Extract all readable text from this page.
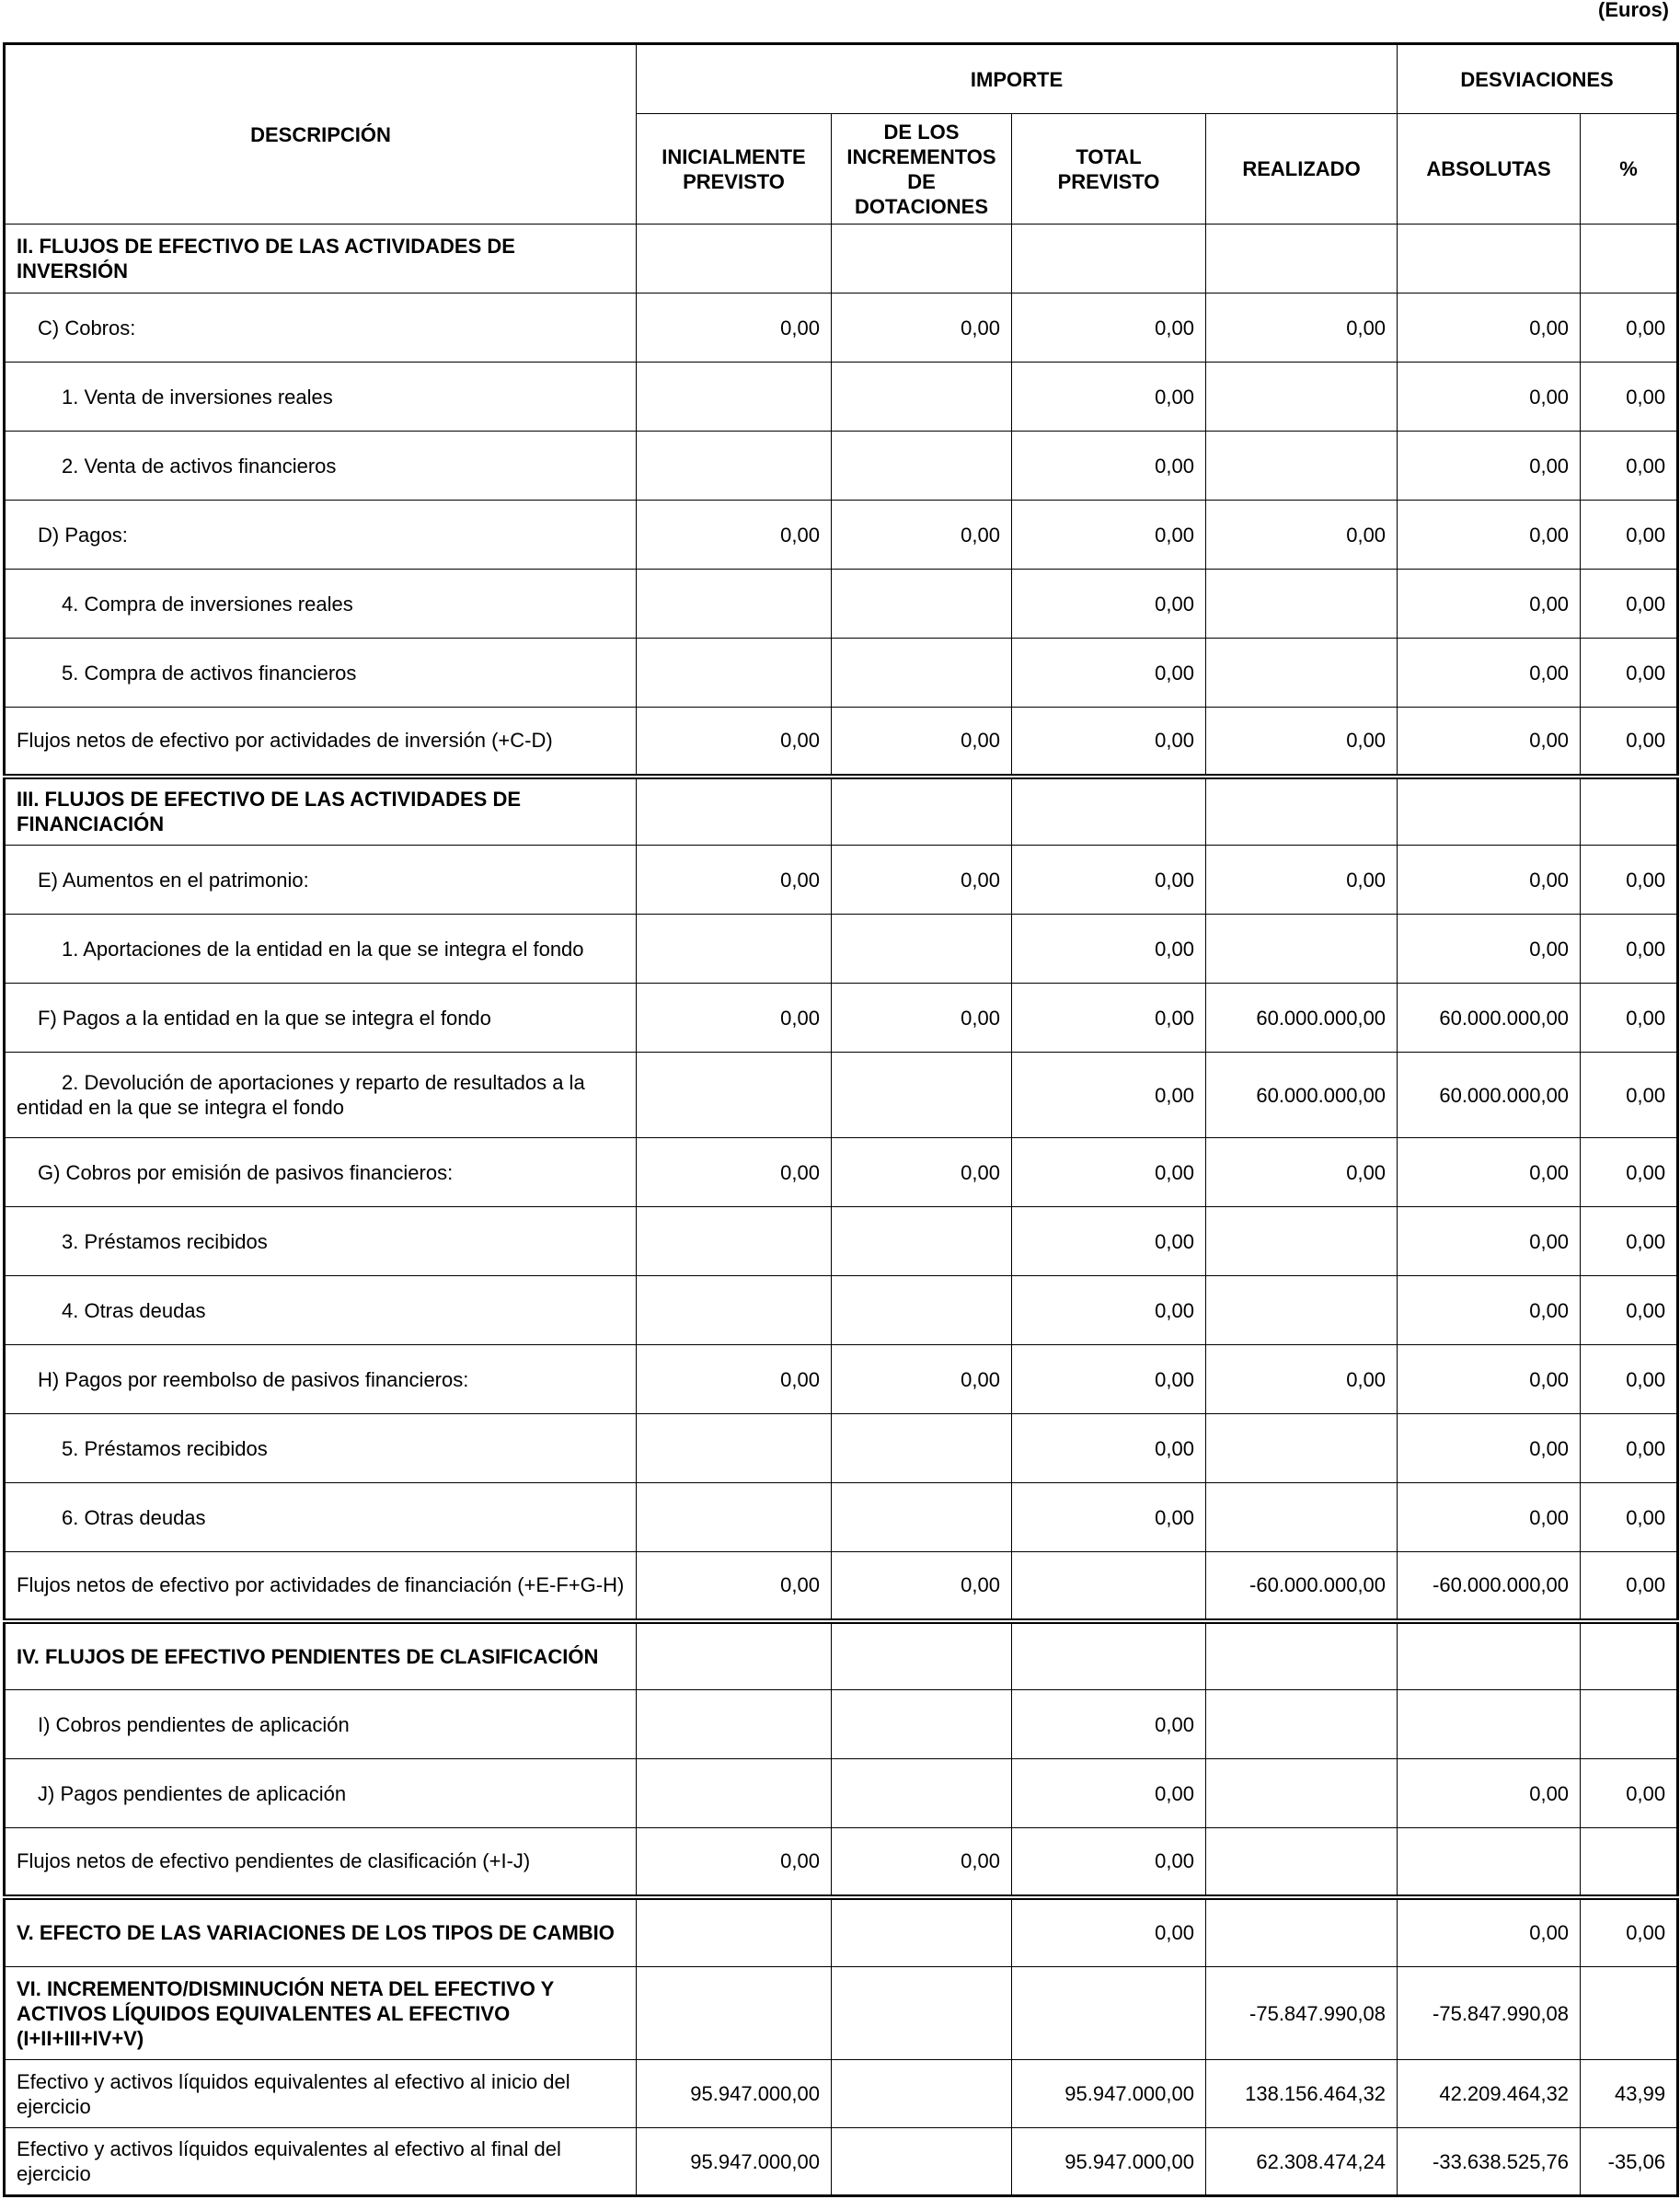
(Euros)
DESCRIPCIÓN	IMPORTE				DESVIACIONES	
	INICIALMENTE PREVISTO	DE LOS INCREMENTOS DE DOTACIONES	TOTAL PREVISTO	REALIZADO	ABSOLUTAS	%
II. FLUJOS DE EFECTIVO DE LAS ACTIVIDADES DE INVERSIÓN						
C) Cobros:	0,00	0,00	0,00	0,00	0,00	0,00
1. Venta de inversiones reales			0,00		0,00	0,00
2. Venta de activos financieros			0,00		0,00	0,00
D) Pagos:	0,00	0,00	0,00	0,00	0,00	0,00
4. Compra de inversiones reales			0,00		0,00	0,00
5. Compra de activos financieros			0,00		0,00	0,00
Flujos netos de efectivo por actividades de inversión (+C-D)	0,00	0,00	0,00	0,00	0,00	0,00
III. FLUJOS DE EFECTIVO DE LAS ACTIVIDADES DE FINANCIACIÓN						
E) Aumentos en el patrimonio:	0,00	0,00	0,00	0,00	0,00	0,00
1. Aportaciones de la entidad en la que se integra el fondo			0,00		0,00	0,00
F) Pagos a la entidad en la que se integra el fondo	0,00	0,00	0,00	60.000.000,00	60.000.000,00	0,00
2. Devolución de aportaciones y reparto de resultados a la entidad en la que se integra el fondo			0,00	60.000.000,00	60.000.000,00	0,00
G) Cobros por emisión de pasivos financieros:	0,00	0,00	0,00	0,00	0,00	0,00
3. Préstamos recibidos			0,00		0,00	0,00
4. Otras deudas			0,00		0,00	0,00
H) Pagos por reembolso de pasivos financieros:	0,00	0,00	0,00	0,00	0,00	0,00
5. Préstamos recibidos			0,00		0,00	0,00
6. Otras deudas			0,00		0,00	0,00
Flujos netos de efectivo por actividades de financiación (+E-F+G-H)	0,00	0,00		-60.000.000,00	-60.000.000,00	0,00
IV. FLUJOS DE EFECTIVO PENDIENTES DE CLASIFICACIÓN						
I) Cobros pendientes de aplicación			0,00			
J) Pagos pendientes de aplicación			0,00		0,00	0,00
Flujos netos de efectivo pendientes de clasificación (+I-J)	0,00	0,00	0,00			
V. EFECTO DE LAS VARIACIONES DE LOS TIPOS DE CAMBIO			0,00		0,00	0,00
VI. INCREMENTO/DISMINUCIÓN NETA DEL EFECTIVO Y ACTIVOS LÍQUIDOS EQUIVALENTES AL EFECTIVO (I+II+III+IV+V)				-75.847.990,08	-75.847.990,08	
Efectivo y activos líquidos equivalentes al efectivo al inicio del ejercicio	95.947.000,00		95.947.000,00	138.156.464,32	42.209.464,32	43,99
Efectivo y activos líquidos equivalentes al efectivo al final del ejercicio	95.947.000,00		95.947.000,00	62.308.474,24	-33.638.525,76	-35,06
